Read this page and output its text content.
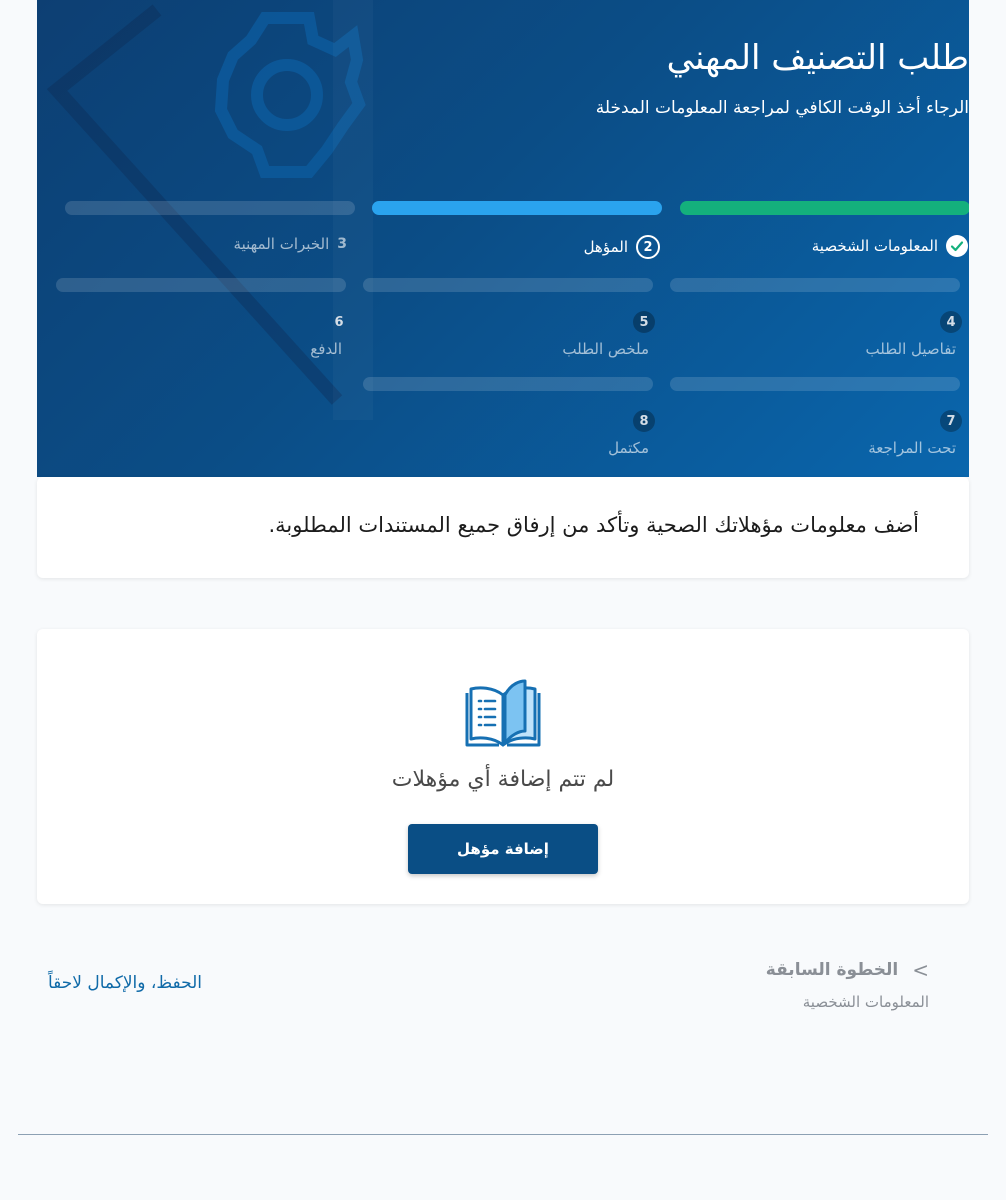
طلب التصنيف المهني

الرجاء أخذ الوقت الكافي لمراجعة المعلومات المدخلة

المعلومات الشخصية
2
المؤهل
3
الخبرات المهنية
4
تفاصيل الطلب
5
ملخص الطلب
6
الدفع
7
تحت المراجعة
8
مكتمل
أضف معلومات مؤهلاتك الصحية وتأكد من إرفاق جميع المستندات المطلوبة.
لم تتم إضافة أي مؤهلات
إضافة مؤهل
<
الخطوة السابقة
المعلومات الشخصية
الحفظ، والإكمال لاحقاً
